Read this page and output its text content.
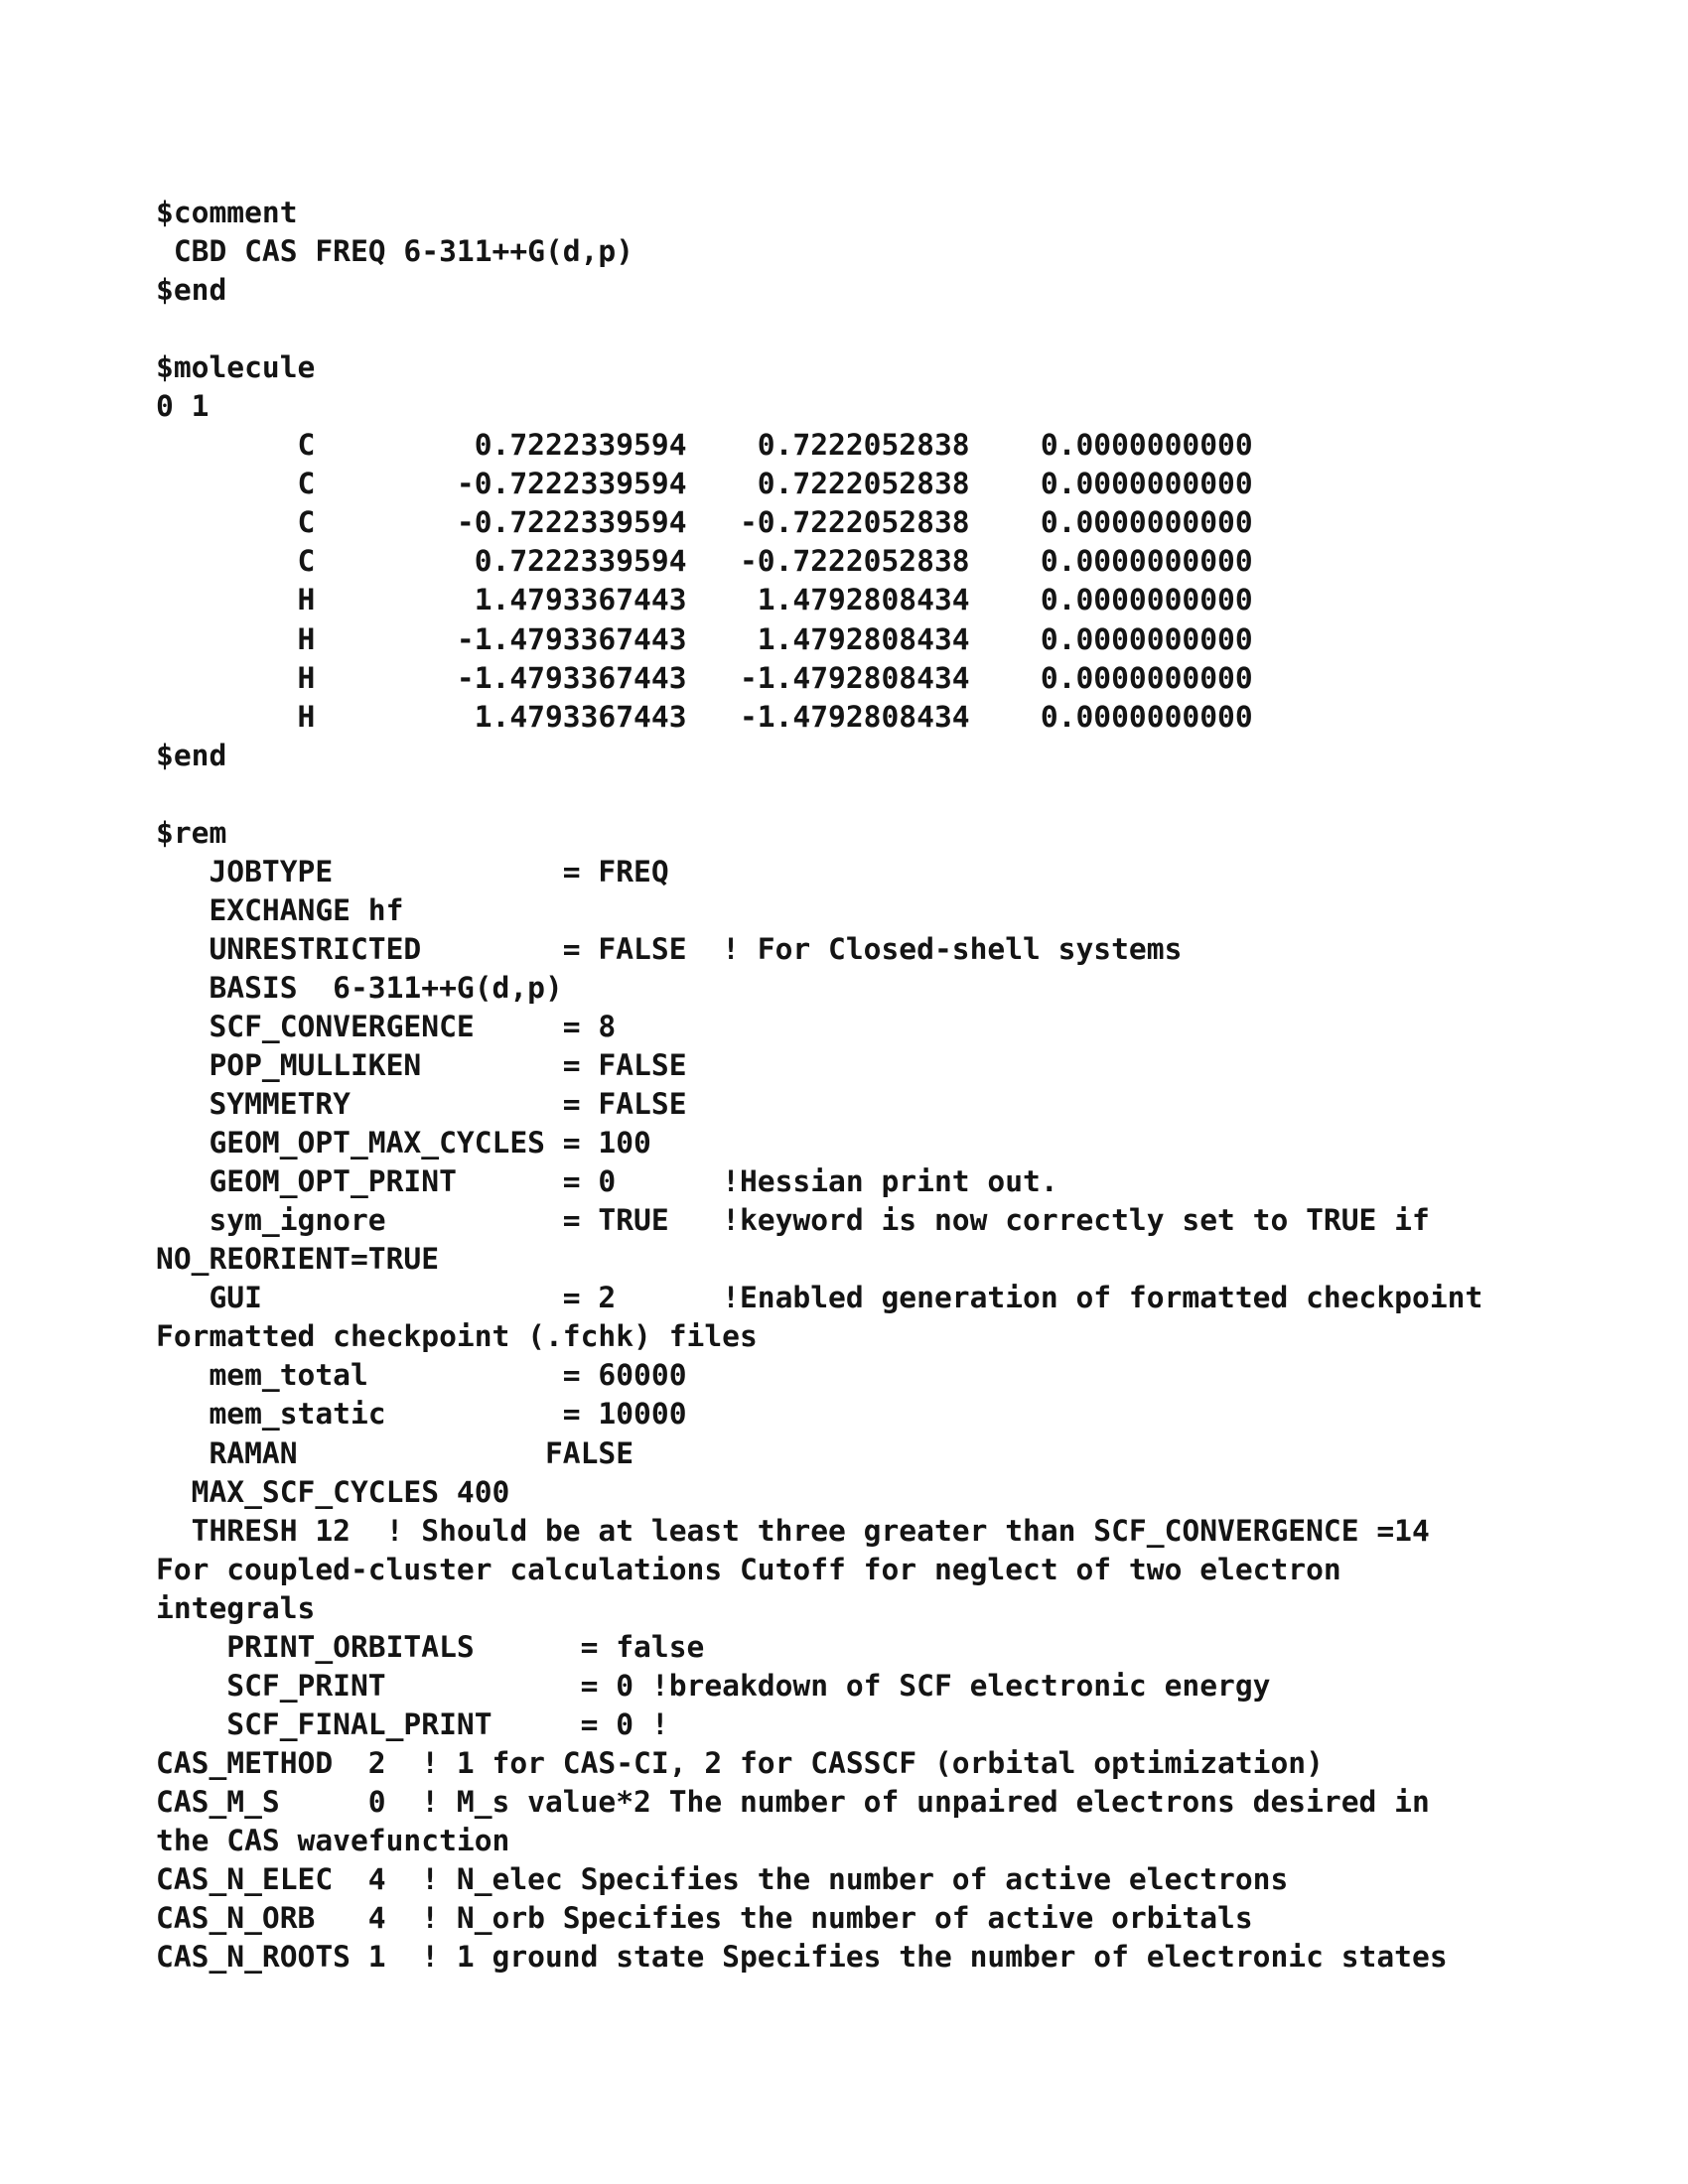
$comment
CBD CAS FREQ 6-311++G(d,p)
$end
$molecule
0 1
C         0.7222339594    0.7222052838    0.0000000000
C        -0.7222339594    0.7222052838    0.0000000000
C        -0.7222339594   -0.7222052838    0.0000000000
C         0.7222339594   -0.7222052838    0.0000000000
H         1.4793367443    1.4792808434    0.0000000000
H        -1.4793367443    1.4792808434    0.0000000000
H        -1.4793367443   -1.4792808434    0.0000000000
H         1.4793367443   -1.4792808434    0.0000000000
$end
$rem
JOBTYPE             = FREQ
EXCHANGE hf
UNRESTRICTED        = FALSE  ! For Closed-shell systems
BASIS  6-311++G(d,p)
SCF_CONVERGENCE     = 8
POP_MULLIKEN        = FALSE
SYMMETRY            = FALSE
GEOM_OPT_MAX_CYCLES = 100
GEOM_OPT_PRINT      = 0      !Hessian print out.
sym_ignore          = TRUE   !keyword is now correctly set to TRUE if
NO_REORIENT=TRUE
GUI                 = 2      !Enabled generation of formatted checkpoint
Formatted checkpoint (.fchk) files
mem_total           = 60000
mem_static          = 10000
RAMAN              FALSE
MAX_SCF_CYCLES 400
THRESH 12  ! Should be at least three greater than SCF_CONVERGENCE =14
For coupled-cluster calculations Cutoff for neglect of two electron
integrals
PRINT_ORBITALS      = false
SCF_PRINT           = 0 !breakdown of SCF electronic energy
SCF_FINAL_PRINT     = 0 !
CAS_METHOD  2  ! 1 for CAS-CI, 2 for CASSCF (orbital optimization)
CAS_M_S     0  ! M_s value*2 The number of unpaired electrons desired in
the CAS wavefunction
CAS_N_ELEC  4  ! N_elec Specifies the number of active electrons
CAS_N_ORB   4  ! N_orb Specifies the number of active orbitals
CAS_N_ROOTS 1  ! 1 ground state Specifies the number of electronic states
